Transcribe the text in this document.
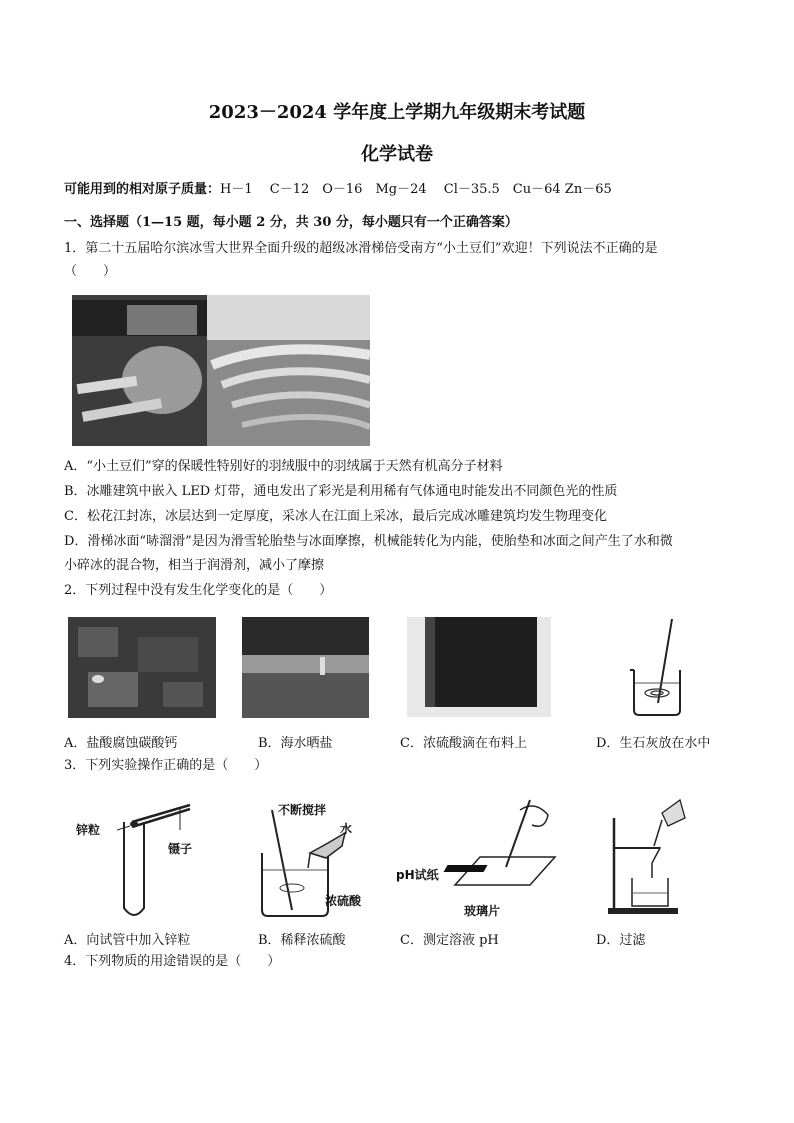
2023－2024 学年度上学期九年级期末考试题
化学试卷
可能用到的相对原子质量：H－1　 C－12　O－16　Mg－24　 Cl－35.5　Cu－64 Zn－65
一、选择题（1—15 题，每小题 2 分，共 30 分，每小题只有一个正确答案）
1．第二十五届哈尔滨冰雪大世界全面升级的超级冰滑梯倍受南方“小土豆们”欢迎！下列说法不正确的是
（　　）
A．“小土豆们”穿的保暖性特别好的羽绒服中的羽绒属于天然有机高分子材料
B．冰雕建筑中嵌入 LED 灯带，通电发出了彩光是利用稀有气体通电时能发出不同颜色光的性质
C．松花江封冻，冰层达到一定厚度，采冰人在江面上采冰，最后完成冰雕建筑均发生物理变化
D．滑梯冰面“哧溜滑”是因为滑雪轮胎垫与冰面摩擦，机械能转化为内能，使胎垫和冰面之间产生了水和微
小碎冰的混合物，相当于润滑剂，减小了摩擦
2．下列过程中没有发生化学变化的是（　　）
A．盐酸腐蚀碳酸钙	B．海水晒盐	C．浓硫酸滴在布料上	D．生石灰放在水中
3．下列实验操作正确的是（　　）
锌粒
镊子
不断搅拌
水
浓硫酸
pH试纸
玻璃片
A．向试管中加入锌粒	B．稀释浓硫酸	C．测定溶液 pH	D．过滤
4．下列物质的用途错误的是（　　）
